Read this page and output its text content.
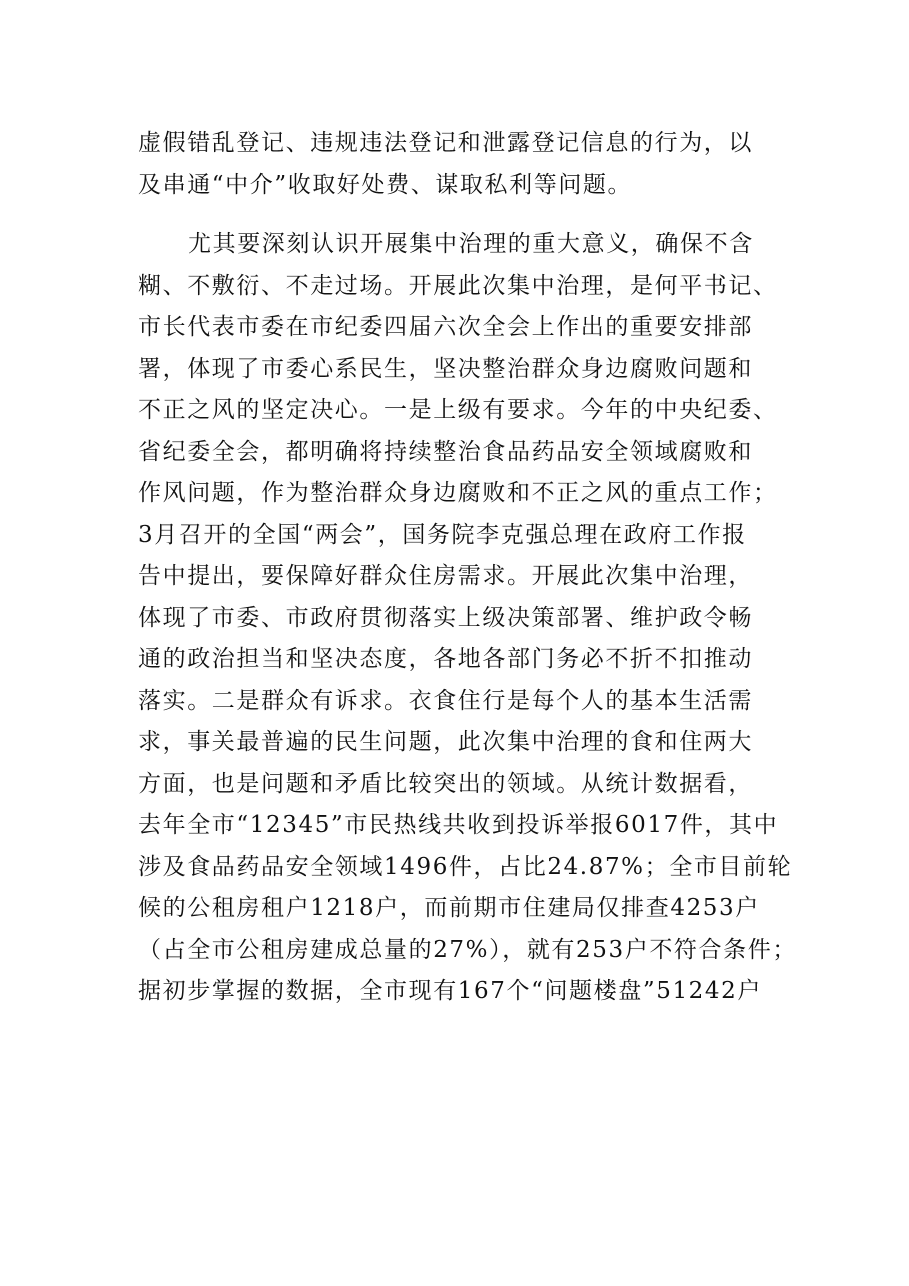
虚假错乱登记、违规违法登记和泄露登记信息的行为，以
及串通“中介”收取好处费、谋取私利等问题。
尤其要深刻认识开展集中治理的重大意义，确保不含
糊、不敷衍、不走过场。开展此次集中治理，是何平书记、
市长代表市委在市纪委四届六次全会上作出的重要安排部
署，体现了市委心系民生，坚决整治群众身边腐败问题和
不正之风的坚定决心。一是上级有要求。今年的中央纪委、
省纪委全会，都明确将持续整治食品药品安全领域腐败和
作风问题，作为整治群众身边腐败和不正之风的重点工作；
3月召开的全国“两会”，国务院李克强总理在政府工作报
告中提出，要保障好群众住房需求。开展此次集中治理，
体现了市委、市政府贯彻落实上级决策部署、维护政令畅
通的政治担当和坚决态度，各地各部门务必不折不扣推动
落实。二是群众有诉求。衣食住行是每个人的基本生活需
求，事关最普遍的民生问题，此次集中治理的食和住两大
方面，也是问题和矛盾比较突出的领域。从统计数据看，
去年全市“12345”市民热线共收到投诉举报6017件，其中
涉及食品药品安全领域1496件，占比24.87%；全市目前轮
候的公租房租户1218户，而前期市住建局仅排查4253户
（占全市公租房建成总量的27%），就有253户不符合条件；
据初步掌握的数据，全市现有167个“问题楼盘”51242户
